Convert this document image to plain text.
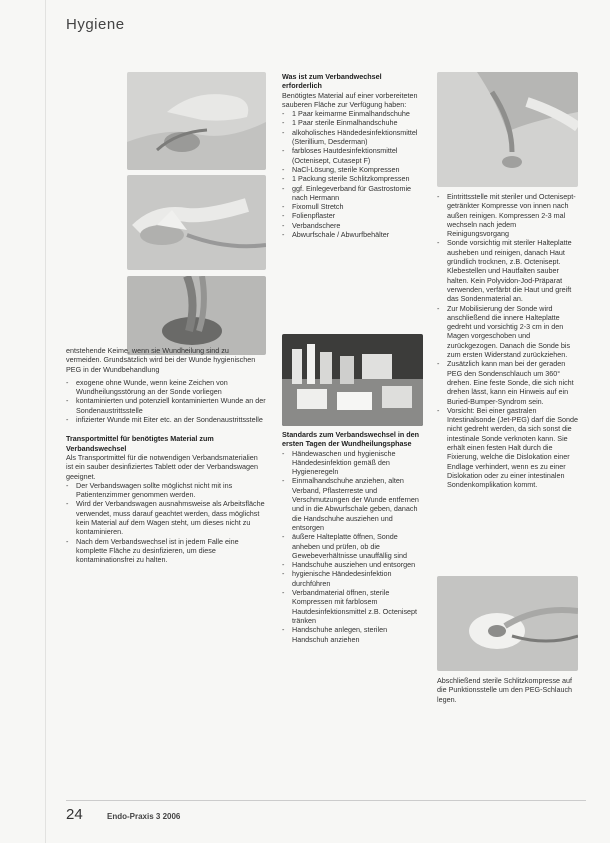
Hygiene

entstehende Keime, wenn sie Wundheilung sind zu vermeiden. Grundsätzlich wird bei der Wunde hygienischen PEG in der Wundbehandlung

- exogene ohne Wunde, wenn keine Zeichen von Wundheilungsstörung an der Sonde vorliegen
- kontaminierten und potenziell kontaminierten Wunde an der Sondenaustrittsstelle
- infizierter Wunde mit Eiter etc. an der Sondenaustrittsstelle

Transportmittel für benötigtes Material zum Verbandswechsel

Als Transportmittel für die notwendigen Verbandsmaterialien ist ein sauber desinfiziertes Tablett oder der Verbandswagen geeignet.

- Der Verbandswagen sollte möglichst nicht mit ins Patientenzimmer genommen werden.
- Wird der Verbandswagen ausnahmsweise als Arbeitsfläche verwendet, muss darauf geachtet werden, dass möglichst kein Material auf dem Wagen steht, um dieses nicht zu kontaminieren.
- Nach dem Verbandswechsel ist in jedem Falle eine komplette Fläche zu desinfizieren, um diese kontaminationsfrei zu halten.

Was ist zum Verbandwechsel erforderlich

Benötigtes Material auf einer vorbereiteten sauberen Fläche zur Verfügung haben:

- 1 Paar keimarme Einmalhandschuhe
- 1 Paar sterile Einmalhandschuhe
- alkoholisches Händedesinfektionsmittel (Sterillium, Desderman)
- farbloses Hautdesinfektionsmittel (Octenisept, Cutasept F)
- NaCl-Lösung, sterile Kompressen
- 1 Packung sterile Schlitzkompressen
- ggf. Einlegeverband für Gastrostomie nach Hermann
- Fixomull Stretch
- Folienpflaster
- Verbandschere
- Abwurfschale / Abwurfbehälter

Standards zum Verbandswechsel in den ersten Tagen der Wundheilungsphase

- Händewaschen und hygienische Händedesinfektion gemäß den Hygieneregeln
- Einmalhandschuhe anziehen, alten Verband, Pflasterreste und Verschmutzungen der Wunde entfernen und in die Abwurfschale geben, danach die Handschuhe ausziehen und entsorgen
- äußere Halteplatte öffnen, Sonde anheben und prüfen, ob die Gewebeverhältnisse unauffällig sind
- Handschuhe ausziehen und entsorgen
- hygienische Händedesinfektion durchführen
- Verbandmaterial öffnen, sterile Kompressen mit farblosem Hautdesinfektionsmittel z.B. Octenisept tränken
- Handschuhe anlegen, sterilen Handschuh anziehen
- Eintrittsstelle mit steriler und Octenisept-getränkter Kompresse von innen nach außen reinigen. Kompressen 2-3 mal wechseln nach jedem Reinigungsvorgang
- Sonde vorsichtig mit steriler Halteplatte ausheben und reinigen, danach Haut gründlich trocknen, z.B. Octenisept. Klebestellen und Hautfalten sauber halten. Kein Polyvidon-Jod-Präparat verwenden, verfärbt die Haut und greift das Sondenmaterial an.
- Zur Mobilisierung der Sonde wird anschließend die innere Halteplatte gedreht und vorsichtig 2-3 cm in den Magen vorgeschoben und zurückgezogen. Danach die Sonde bis zum ersten Widerstand zurückziehen.
- Zusätzlich kann man bei der geraden PEG den Sondenschlauch um 360° drehen. Eine feste Sonde, die sich nicht drehen lässt, kann ein Hinweis auf ein Buried-Bumper-Syndrom sein.
- Vorsicht: Bei einer gastralen Intestinalsonde (Jet-PEG) darf die Sonde nicht gedreht werden, da sich sonst die intestinale Sonde verknoten kann. Sie erhält einen festen Halt durch die Fixierung, welche die Dislokation einer Endlage verhindert, wenn es zu einer Dislokation oder zu einer intestinalen Sondenkomplikation kommt.

Abschließend sterile Schlitzkompresse auf die Punktionsstelle um den PEG-Schlauch legen.

24	Endo-Praxis 3 2006
